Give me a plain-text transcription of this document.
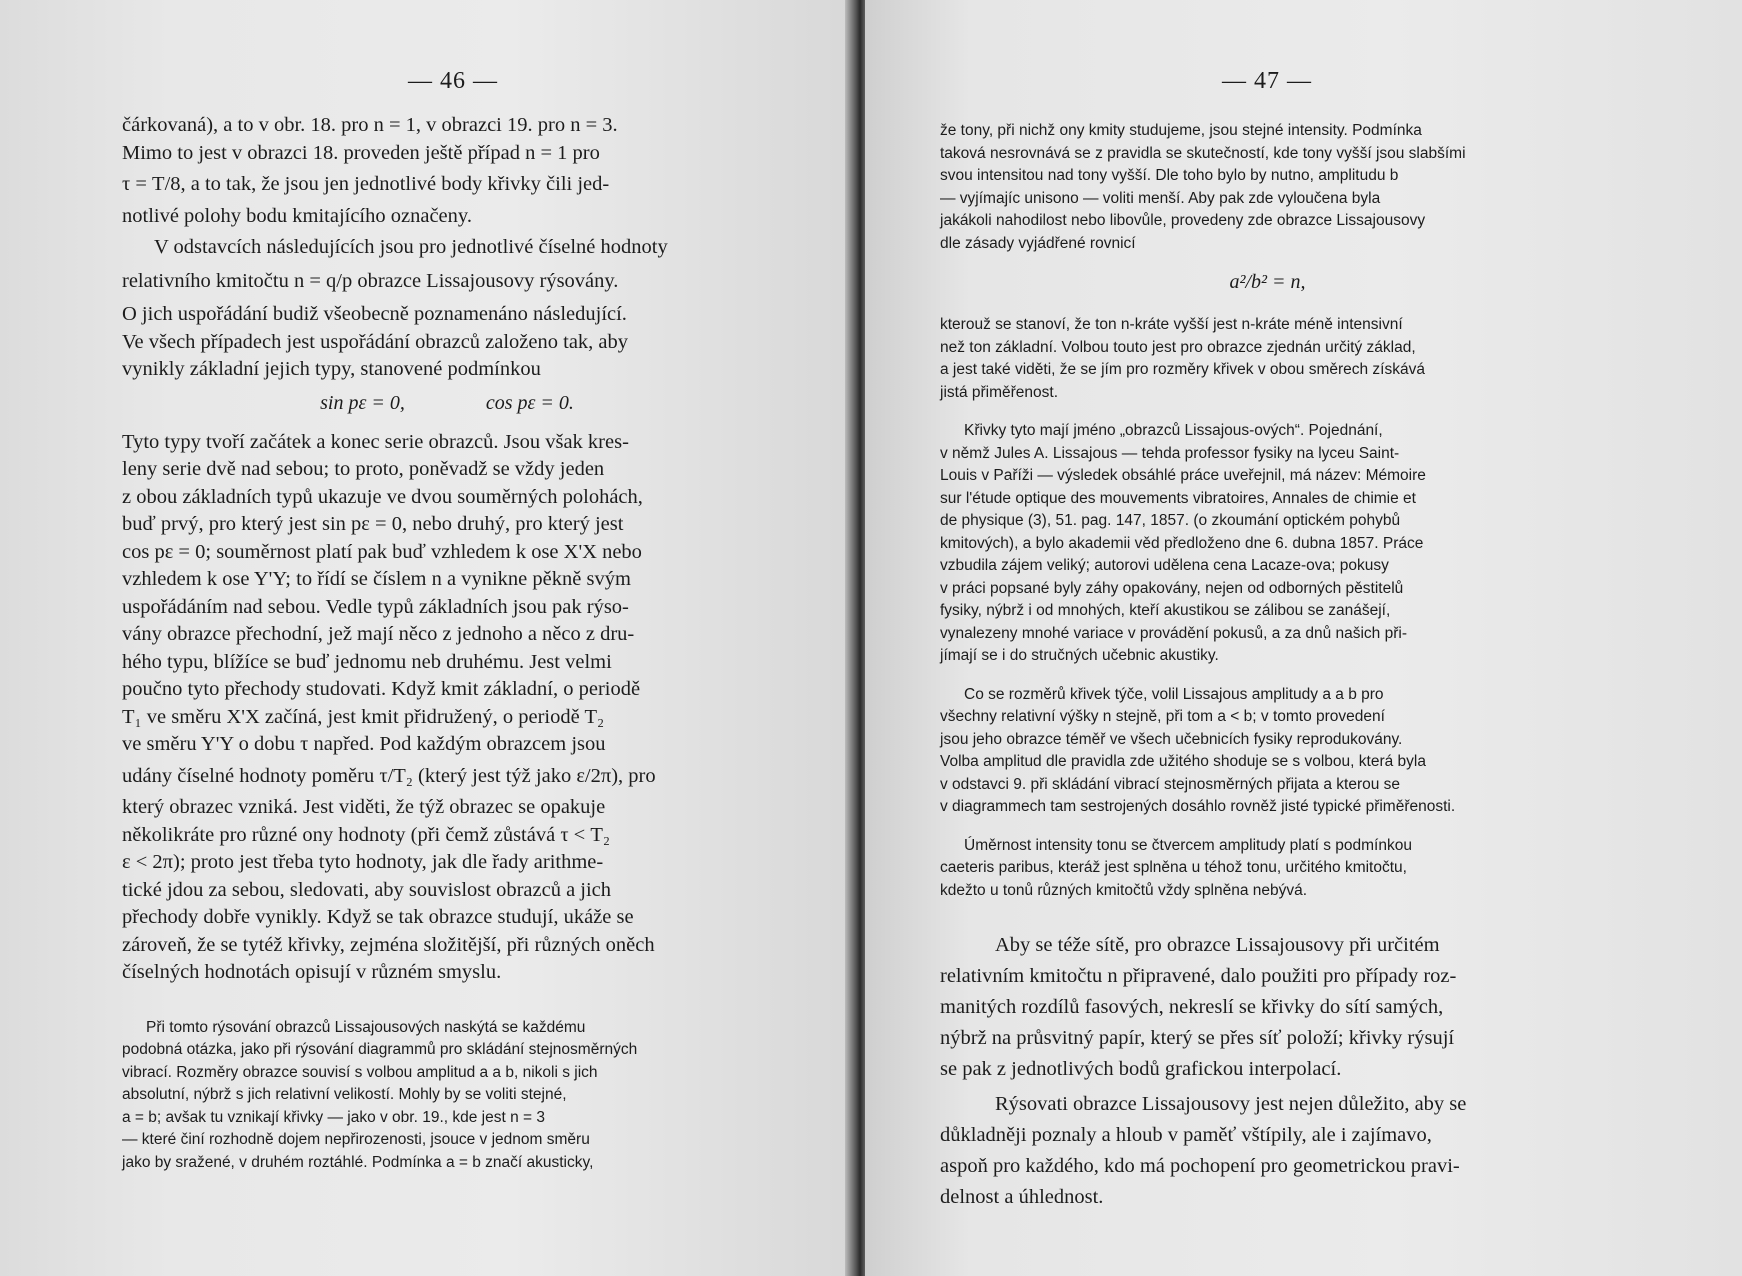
— 46 —

čárkovaná), a to v obr. 18. pro n = 1, v obrazci 19. pro n = 3.

Mimo to jest v obrazci 18. proveden ještě případ n = 1 pro

τ = T/8, a to tak, že jsou jen jednotlivé body křivky čili jed-

notlivé polohy bodu kmitajícího označeny.

V odstavcích následujících jsou pro jednotlivé číselné hodnoty

relativního kmitočtu n = q/p obrazce Lissajousovy rýsovány.

O jich uspořádání budiž všeobecně poznamenáno následující.

Ve všech případech jest uspořádání obrazců založeno tak, aby

vynikly základní jejich typy, stanovené podmínkou

sin pε = 0,	cos pε = 0.

Tyto typy tvoří začátek a konec serie obrazců. Jsou však kres-

leny serie dvě nad sebou; to proto, poněvadž se vždy jeden

z obou základních typů ukazuje ve dvou souměrných polohách,

buď prvý, pro který jest sin pε = 0, nebo druhý, pro který jest

cos pε = 0; souměrnost platí pak buď vzhledem k ose X'X nebo

vzhledem k ose Y'Y; to řídí se číslem n a vynikne pěkně svým

uspořádáním nad sebou. Vedle typů základních jsou pak rýso-

vány obrazce přechodní, jež mají něco z jednoho a něco z dru-

hého typu, blížíce se buď jednomu neb druhému. Jest velmi

poučno tyto přechody studovati. Když kmit základní, o periodě

T₁ ve směru X'X začíná, jest kmit přidružený, o periodě T₂

ve směru Y'Y o dobu τ napřed. Pod každým obrazcem jsou

udány číselné hodnoty poměru τ/T₂ (který jest týž jako ε/2π), pro

který obrazec vzniká. Jest viděti, že týž obrazec se opakuje

několikráte pro různé ony hodnoty (při čemž zůstává τ < T₂

ε < 2π); proto jest třeba tyto hodnoty, jak dle řady arithme-

tické jdou za sebou, sledovati, aby souvislost obrazců a jich

přechody dobře vynikly. Když se tak obrazce studují, ukáže se

zároveň, že se tytéž křivky, zejména složitější, při různých oněch

číselných hodnotách opisují v různém smyslu.

Při tomto rýsování obrazců Lissajousových naskýtá se každému

podobná otázka, jako při rýsování diagrammů pro skládání stejnosměrných

vibrací. Rozměry obrazce souvisí s volbou amplitud a a b, nikoli s jich

absolutní, nýbrž s jich relativní velikostí. Mohly by se voliti stejné,

a = b; avšak tu vznikají křivky — jako v obr. 19., kde jest n = 3

— které činí rozhodně dojem nepřirozenosti, jsouce v jednom směru

jako by sražené, v druhém roztáhlé. Podmínka a = b značí akusticky,

— 47 —

že tony, při nichž ony kmity studujeme, jsou stejné intensity. Podmínka

taková nesrovnává se z pravidla se skutečností, kde tony vyšší jsou slabšími

svou intensitou nad tony vyšší. Dle toho bylo by nutno, amplitudu b

— vyjímajíc unisono — voliti menší. Aby pak zde vyloučena byla

jakákoli nahodilost nebo libovůle, provedeny zde obrazce Lissajousovy

dle zásady vyjádřené rovnicí

a²/b² = n,

kterouž se stanoví, že ton n-kráte vyšší jest n-kráte méně intensivní

než ton základní. Volbou touto jest pro obrazce zjednán určitý základ,

a jest také viděti, že se jím pro rozměry křivek v obou směrech získává

jistá přiměřenost.

Křivky tyto mají jméno „obrazců Lissajous-ových“. Pojednání,

v němž Jules A. Lissajous — tehda professor fysiky na lyceu Saint-

Louis v Paříži — výsledek obsáhlé práce uveřejnil, má název: Mémoire

sur l'étude optique des mouvements vibratoires, Annales de chimie et

de physique (3), 51. pag. 147, 1857. (o zkoumání optickém pohybů

kmitových), a bylo akademii věd předloženo dne 6. dubna 1857. Práce

vzbudila zájem veliký; autorovi udělena cena Lacaze-ova; pokusy

v práci popsané byly záhy opakovány, nejen od odborných pěstitelů

fysiky, nýbrž i od mnohých, kteří akustikou se zálibou se zanášejí,

vynalezeny mnohé variace v provádění pokusů, a za dnů našich při-

jímají se i do stručných učebnic akustiky.

Co se rozměrů křivek týče, volil Lissajous amplitudy a a b pro

všechny relativní výšky n stejně, při tom a < b; v tomto provedení

jsou jeho obrazce téměř ve všech učebnicích fysiky reprodukovány.

Volba amplitud dle pravidla zde užitého shoduje se s volbou, která byla

v odstavci 9. při skládání vibrací stejnosměrných přijata a kterou se

v diagrammech tam sestrojených dosáhlo rovněž jisté typické přiměřenosti.

Úměrnost intensity tonu se čtvercem amplitudy platí s podmínkou

caeteris paribus, kteráž jest splněna u téhož tonu, určitého kmitočtu,

kdežto u tonů různých kmitočtů vždy splněna nebývá.

Aby se téže sítě, pro obrazce Lissajousovy při určitém

relativním kmitočtu n připravené, dalo použiti pro případy roz-

manitých rozdílů fasových, nekreslí se křivky do sítí samých,

nýbrž na průsvitný papír, který se přes síť položí; křivky rýsují

se pak z jednotlivých bodů grafickou interpolací.

Rýsovati obrazce Lissajousovy jest nejen důležito, aby se

důkladněji poznaly a hloub v paměť vštípily, ale i zajímavo,

aspoň pro každého, kdo má pochopení pro geometrickou pravi-

delnost a úhlednost.
